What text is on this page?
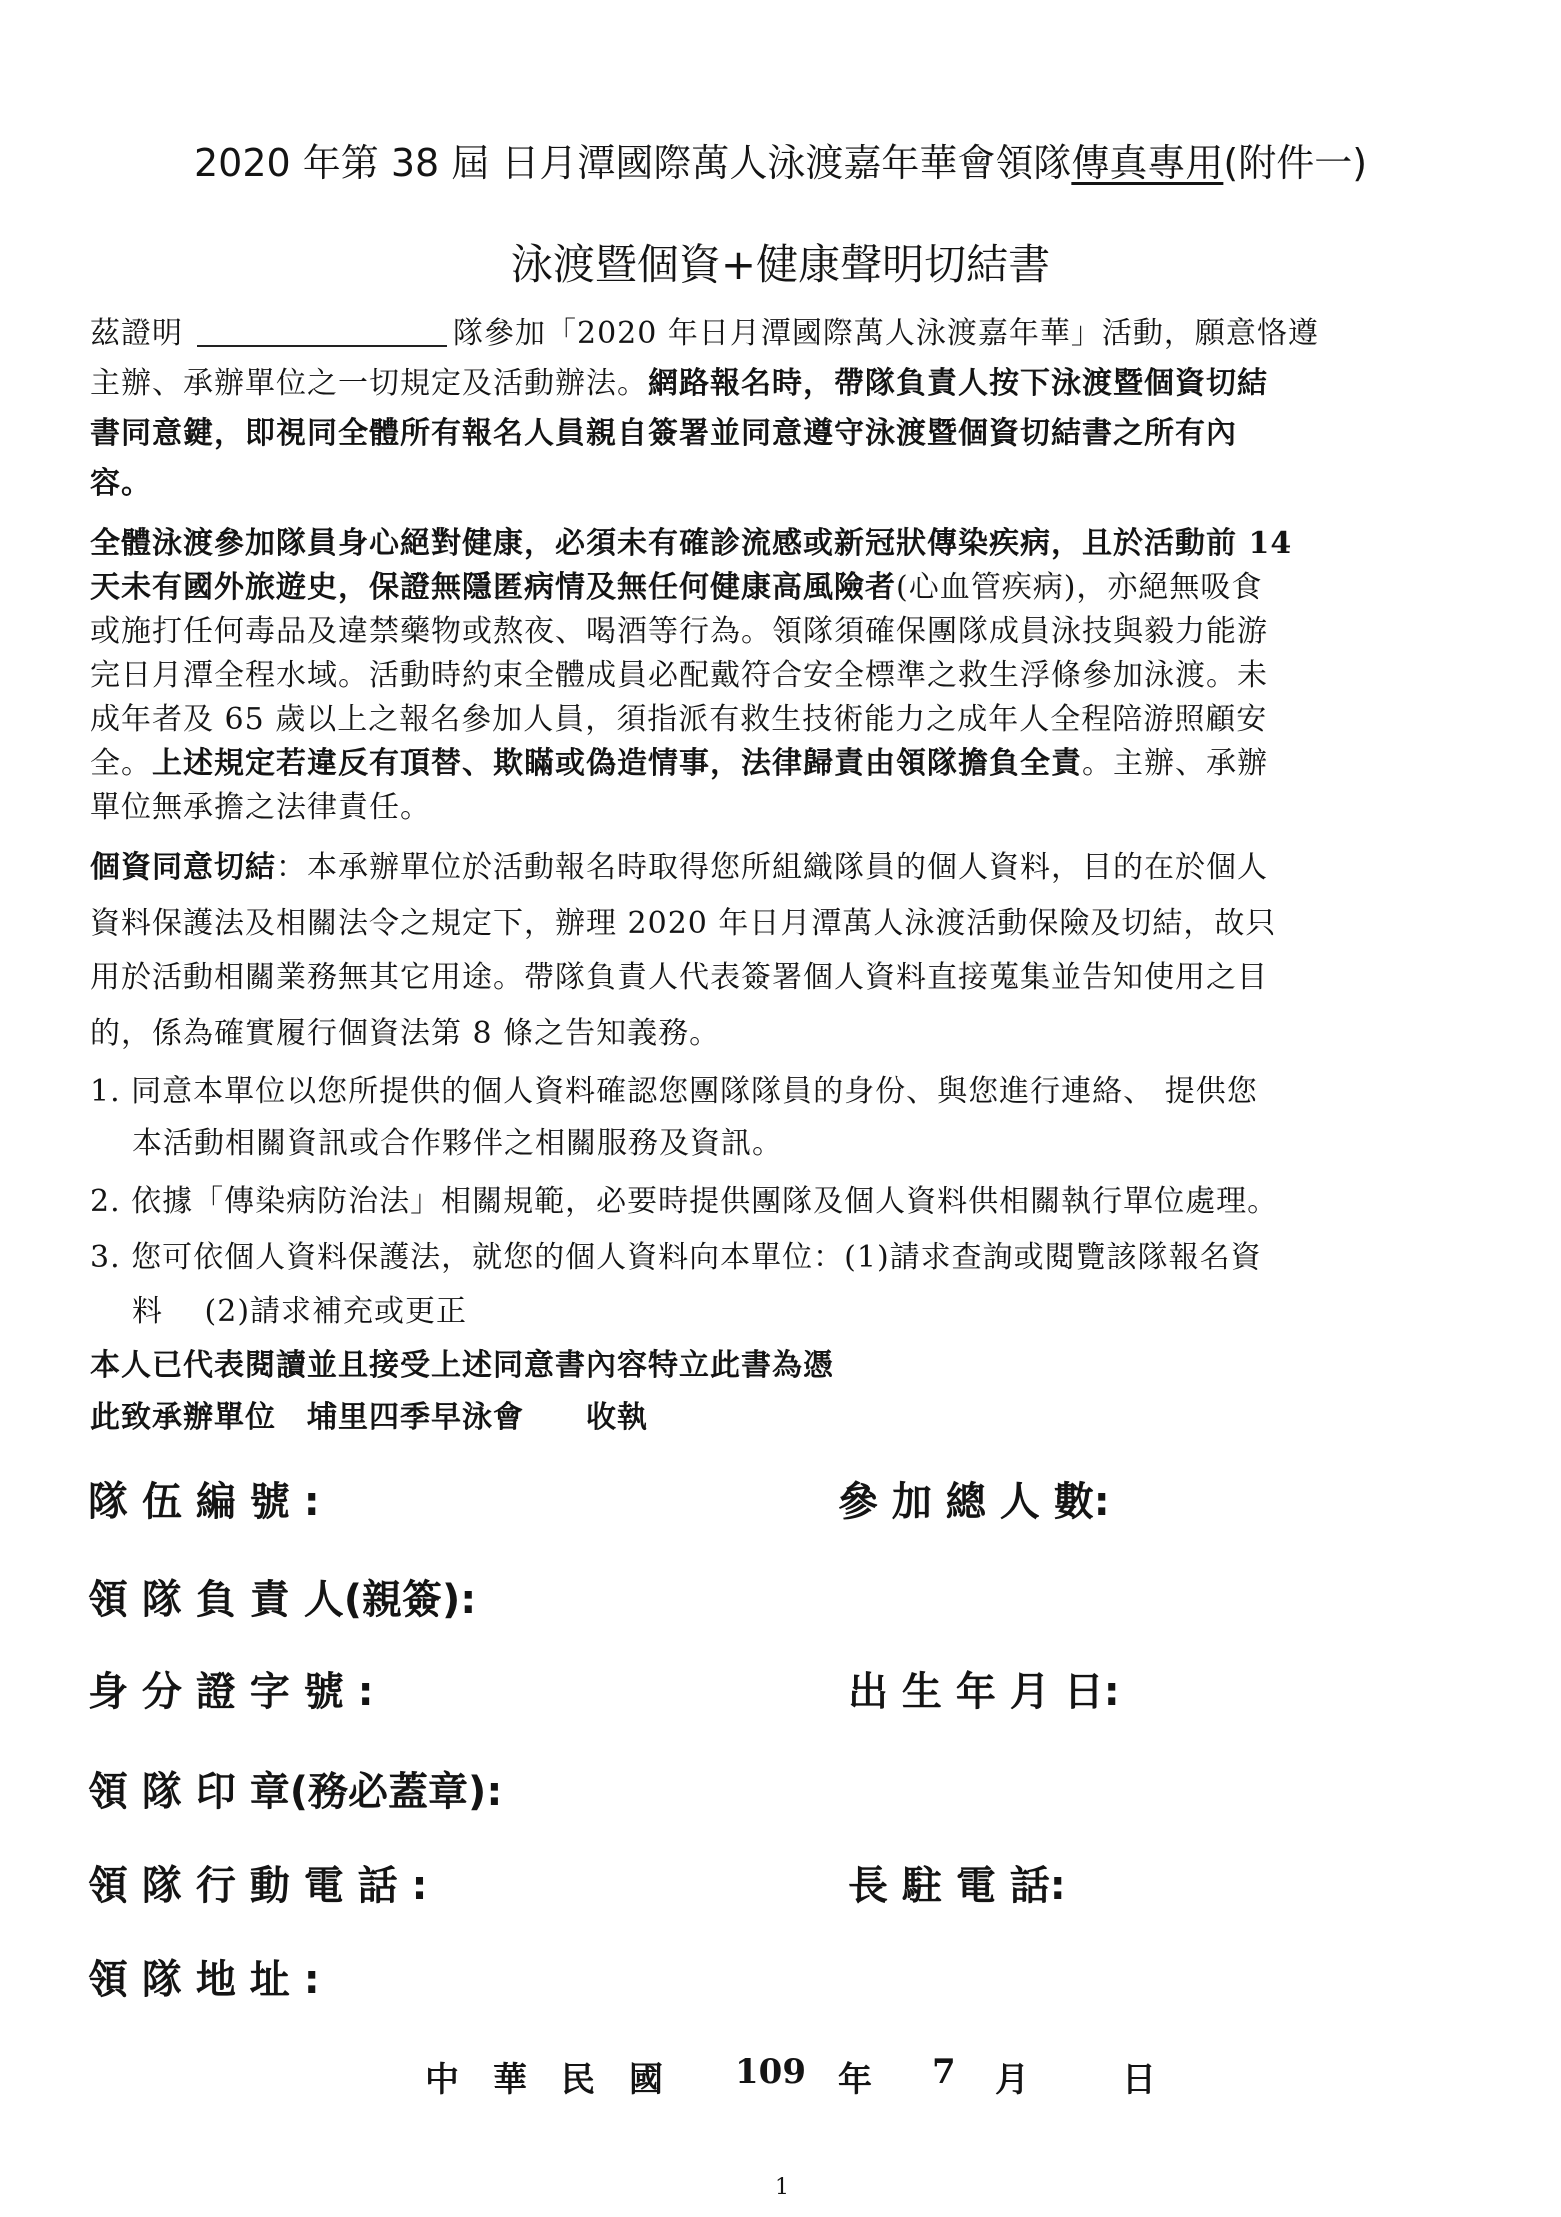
2020 年第 38 屆 日月潭國際萬人泳渡嘉年華會領隊傳真專用(附件一)
泳渡暨個資+健康聲明切結書
茲證明	隊參加「2020 年日月潭國際萬人泳渡嘉年華」活動，願意恪遵
主辦、承辦單位之一切規定及活動辦法。網路報名時，帶隊負責人按下泳渡暨個資切結
書同意鍵，即視同全體所有報名人員親自簽署並同意遵守泳渡暨個資切結書之所有內
容。
全體泳渡參加隊員身心絕對健康，必須未有確診流感或新冠狀傳染疾病，且於活動前 14
天未有國外旅遊史，保證無隱匿病情及無任何健康高風險者(心血管疾病)，亦絕無吸食
或施打任何毒品及違禁藥物或熬夜、喝酒等行為。領隊須確保團隊成員泳技與毅力能游
完日月潭全程水域。活動時約束全體成員必配戴符合安全標準之救生浮條參加泳渡。未
成年者及 65 歲以上之報名參加人員，須指派有救生技術能力之成年人全程陪游照顧安
全。上述規定若違反有頂替、欺瞞或偽造情事，法律歸責由領隊擔負全責。主辦、承辦
單位無承擔之法律責任。
個資同意切結：本承辦單位於活動報名時取得您所組織隊員的個人資料，目的在於個人
資料保護法及相關法令之規定下，辦理 2020 年日月潭萬人泳渡活動保險及切結，故只
用於活動相關業務無其它用途。帶隊負責人代表簽署個人資料直接蒐集並告知使用之目
的，係為確實履行個資法第 8 條之告知義務。
1. 同意本單位以您所提供的個人資料確認您團隊隊員的身份、與您進行連絡、 提供您
本活動相關資訊或合作夥伴之相關服務及資訊。
2. 依據「傳染病防治法」相關規範，必要時提供團隊及個人資料供相關執行單位處理。
3. 您可依個人資料保護法，就您的個人資料向本單位：(1)請求查詢或閱覽該隊報名資
料　 (2)請求補充或更正
本人已代表閱讀並且接受上述同意書內容特立此書為憑
此致承辦單位　埔里四季早泳會　　收執
隊 伍 編 號 :	參 加 總 人 數:
領 隊 負 責 人(親簽):
身 分 證 字 號 :	出 生 年 月 日:
領 隊 印 章(務必蓋章):
領 隊 行 動 電 話 :	長 駐 電 話:
領 隊 地 址 :
中　華　民　國 109 年 7 月	日
1
